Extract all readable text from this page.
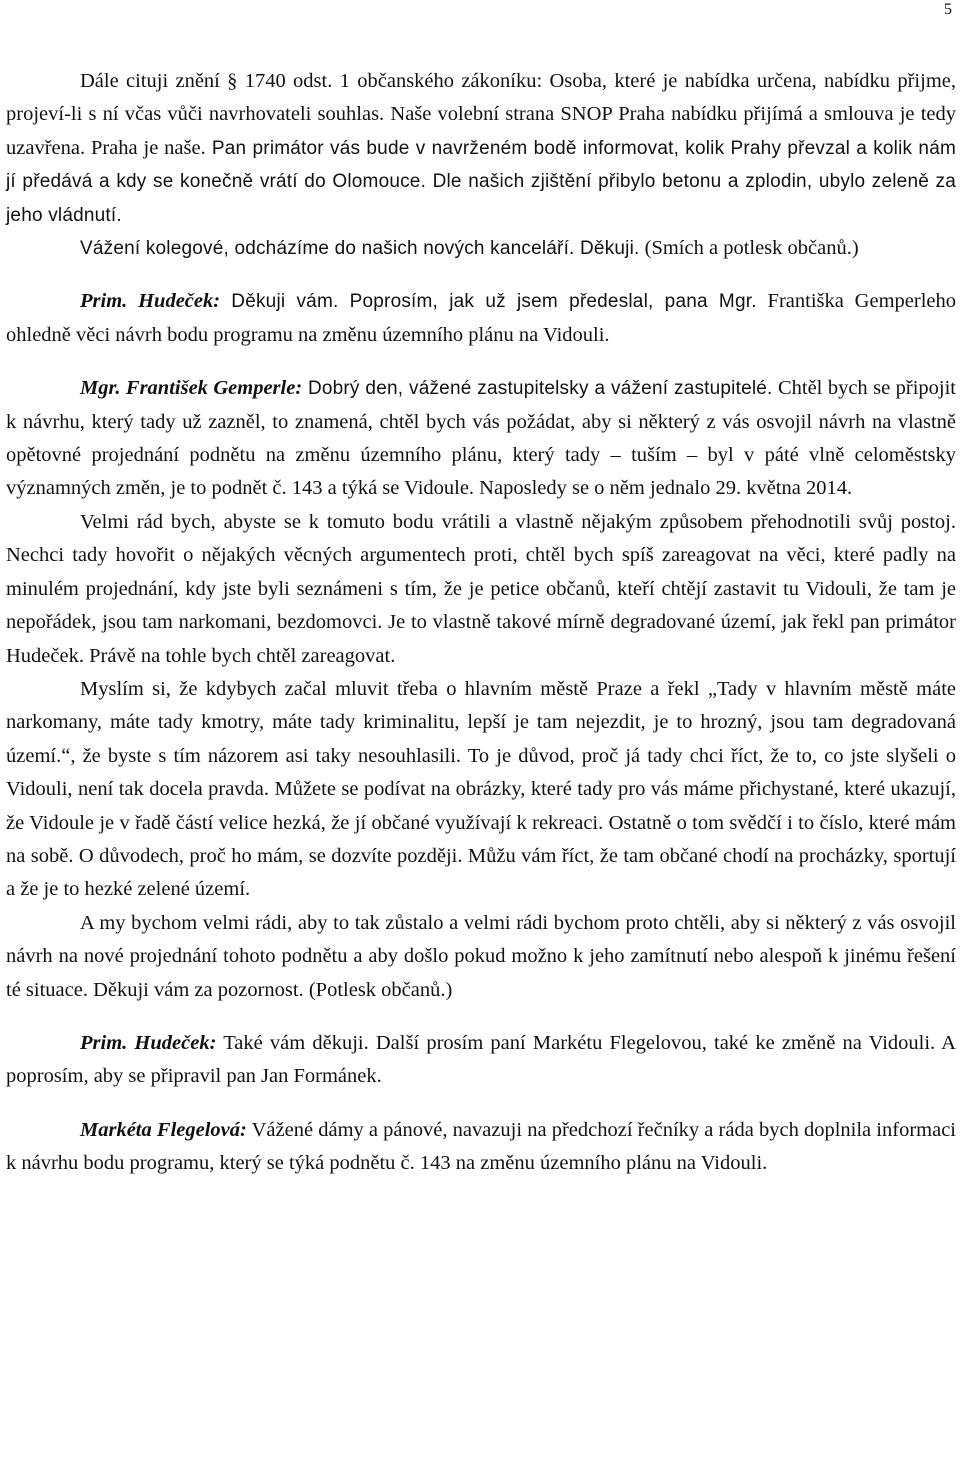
5

Dále cituji znění § 1740 odst. 1 občanského zákoníku: Osoba, které je nabídka určena, nabídku přijme, projeví-li s ní včas vůči navrhovateli souhlas. Naše volební strana SNOP Praha nabídku přijímá a smlouva je tedy uzavřena. Praha je naše. Pan primátor vás bude v navrženém bodě informovat, kolik Prahy převzal a kolik nám jí předává a kdy se konečně vrátí do Olomouce. Dle našich zjištění přibylo betonu a zplodin, ubylo zeleně za jeho vládnutí.

Vážení kolegové, odcházíme do našich nových kanceláří. Děkuji. (Smích a potlesk občanů.)

Prim. Hudeček: Děkuji vám. Poprosím, jak už jsem předeslal, pana Mgr. Františka Gemperleho ohledně věci návrh bodu programu na změnu územního plánu na Vidouli.

Mgr. František Gemperle: Dobrý den, vážené zastupitelsky a vážení zastupitelé. Chtěl bych se připojit k návrhu, který tady už zazněl, to znamená, chtěl bych vás požádat, aby si některý z vás osvojil návrh na vlastně opětovné projednání podnětu na změnu územního plánu, který tady – tuším – byl v páté vlně celoměstsky významných změn, je to podnět č. 143 a týká se Vidoule. Naposledy se o něm jednalo 29. května 2014.

Velmi rád bych, abyste se k tomuto bodu vrátili a vlastně nějakým způsobem přehodnotili svůj postoj. Nechci tady hovořit o nějakých věcných argumentech proti, chtěl bych spíš zareagovat na věci, které padly na minulém projednání, kdy jste byli seznámeni s tím, že je petice občanů, kteří chtějí zastavit tu Vidouli, že tam je nepořádek, jsou tam narkomani, bezdomovci. Je to vlastně takové mírně degradované území, jak řekl pan primátor Hudeček. Právě na tohle bych chtěl zareagovat.

Myslím si, že kdybych začal mluvit třeba o hlavním městě Praze a řekl „Tady v hlavním městě máte narkomany, máte tady kmotry, máte tady kriminalitu, lepší je tam nejezdit, je to hrozný, jsou tam degradovaná území.“, že byste s tím názorem asi taky nesouhlasili. To je důvod, proč já tady chci říct, že to, co jste slyšeli o Vidouli, není tak docela pravda. Můžete se podívat na obrázky, které tady pro vás máme přichystané, které ukazují, že Vidoule je v řadě částí velice hezká, že jí občané využívají k rekreaci. Ostatně o tom svědčí i to číslo, které mám na sobě. O důvodech, proč ho mám, se dozvíte později. Můžu vám říct, že tam občané chodí na procházky, sportují a že je to hezké zelené území.

A my bychom velmi rádi, aby to tak zůstalo a velmi rádi bychom proto chtěli, aby si některý z vás osvojil návrh na nové projednání tohoto podnětu a aby došlo pokud možno k jeho zamítnutí nebo alespoň k jinému řešení té situace. Děkuji vám za pozornost. (Potlesk občanů.)

Prim. Hudeček: Také vám děkuji. Další prosím paní Markétu Flegelovou, také ke změně na Vidouli. A poprosím, aby se připravil pan Jan Formánek.

Markéta Flegelová: Vážené dámy a pánové, navazuji na předchozí řečníky a ráda bych doplnila informaci k návrhu bodu programu, který se týká podnětu č. 143 na změnu územního plánu na Vidouli.
